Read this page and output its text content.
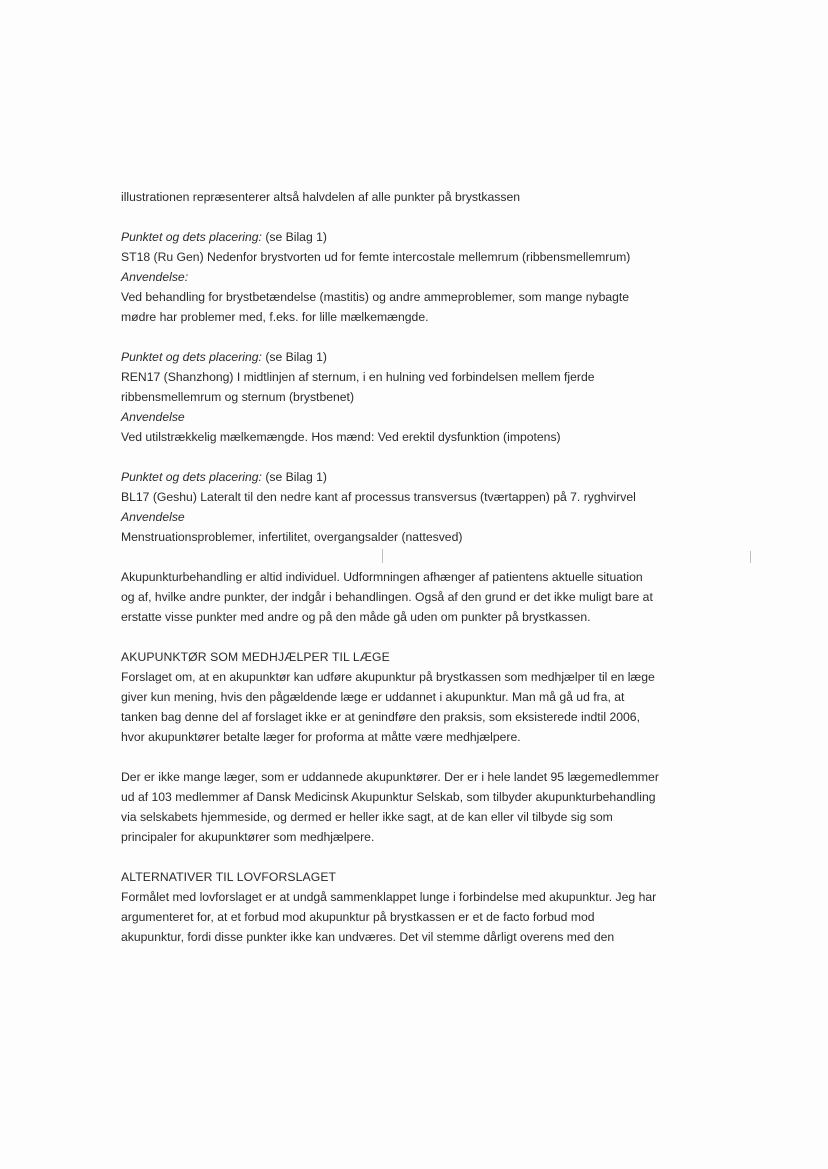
illustrationen repræsenterer altså halvdelen af alle punkter på brystkassen
Punktet og dets placering: (se Bilag 1)
ST18 (Ru Gen) Nedenfor brystvorten ud for femte intercostale mellemrum (ribbensmellemrum)
Anvendelse:
Ved behandling for brystbetændelse (mastitis) og andre ammeproblemer, som mange nybagte
mødre har problemer med, f.eks. for lille mælkemængde.
Punktet og dets placering: (se Bilag 1)
REN17 (Shanzhong) I midtlinjen af sternum, i en hulning ved forbindelsen mellem fjerde
ribbensmellemrum og sternum (brystbenet)
Anvendelse
Ved utilstrækkelig mælkemængde. Hos mænd: Ved erektil dysfunktion (impotens)
Punktet og dets placering: (se Bilag 1)
BL17 (Geshu) Lateralt til den nedre kant af processus transversus (tværtappen) på 7. ryghvirvel
Anvendelse
Menstruationsproblemer, infertilitet, overgangsalder (nattesved)
Akupunkturbehandling er altid individuel. Udformningen afhænger af patientens aktuelle situation
og af, hvilke andre punkter, der indgår i behandlingen. Også af den grund er det ikke muligt bare at
erstatte visse punkter med andre og på den måde gå uden om punkter på brystkassen.
AKUPUNKTØR SOM MEDHJÆLPER TIL LÆGE
Forslaget om, at en akupunktør kan udføre akupunktur på brystkassen som medhjælper til en læge
giver kun mening, hvis den pågældende læge er uddannet i akupunktur. Man må gå ud fra, at
tanken bag denne del af forslaget ikke er at genindføre den praksis, som eksisterede indtil 2006,
hvor akupunktører betalte læger for proforma at måtte være medhjælpere.
Der er ikke mange læger, som er uddannede akupunktører. Der er i hele landet 95 lægemedlemmer
ud af 103 medlemmer af Dansk Medicinsk Akupunktur Selskab, som tilbyder akupunkturbehandling
via selskabets hjemmeside, og dermed er heller ikke sagt, at de kan eller vil tilbyde sig som
principaler for akupunktører som medhjælpere.
ALTERNATIVER TIL LOVFORSLAGET
Formålet med lovforslaget er at undgå sammenklappet lunge i forbindelse med akupunktur. Jeg har
argumenteret for, at et forbud mod akupunktur på brystkassen er et de facto forbud mod
akupunktur, fordi disse punkter ikke kan undværes. Det vil stemme dårligt overens med den
